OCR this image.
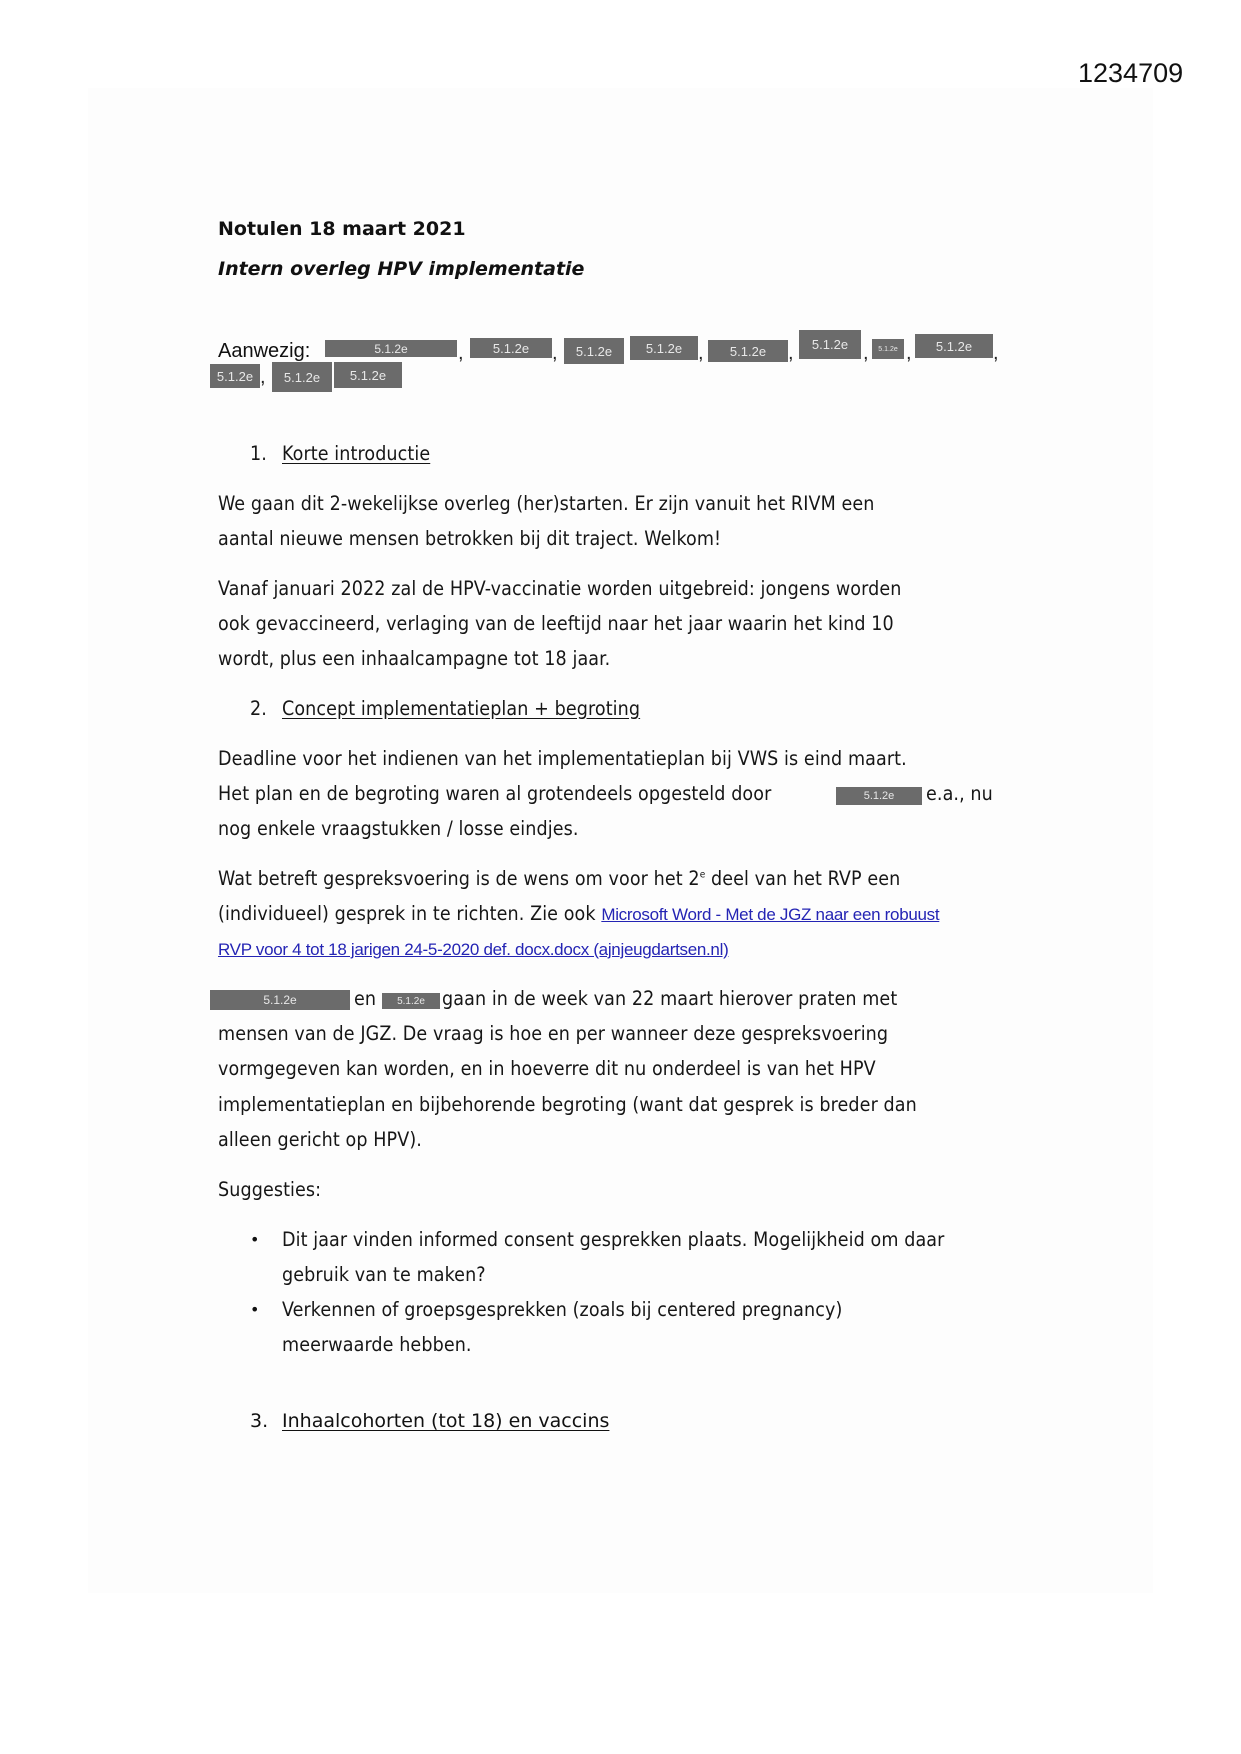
1234709
Notulen 18 maart 2021
Intern overleg HPV implementatie
Aanwezig:	5.1.2e	,	5.1.2e	,	5.1.2e	5.1.2e ,	5.1.2e	,	5.1.2e ,	5.1.2e ,	5.1.2e	,
5.1.2e ,	5.1.2e	5.1.2e
1. Korte introductie
We gaan dit 2-wekelijkse overleg (her)starten. Er zijn vanuit het RIVM een
aantal nieuwe mensen betrokken bij dit traject. Welkom!
Vanaf januari 2022 zal de HPV-vaccinatie worden uitgebreid: jongens worden
ook gevaccineerd, verlaging van de leeftijd naar het jaar waarin het kind 10
wordt, plus een inhaalcampagne tot 18 jaar.
2. Concept implementatieplan + begroting
Deadline voor het indienen van het implementatieplan bij VWS is eind maart.
Het plan en de begroting waren al grotendeels opgesteld door	5.1.2e	e.a., nu
nog enkele vraagstukken / losse eindjes.
Wat betreft gespreksvoering is de wens om voor het 2e deel van het RVP een
(individueel) gesprek in te richten. Zie ook Microsoft Word - Met de JGZ naar een robuust
RVP voor 4 tot 18 jarigen 24-5-2020 def. docx.docx (ajnjeugdartsen.nl)
5.1.2e	en	5.1.2e gaan in de week van 22 maart hierover praten met
mensen van de JGZ. De vraag is hoe en per wanneer deze gespreksvoering
vormgegeven kan worden, en in hoeverre dit nu onderdeel is van het HPV
implementatieplan en bijbehorende begroting (want dat gesprek is breder dan
alleen gericht op HPV).
Suggesties:
• Dit jaar vinden informed consent gesprekken plaats. Mogelijkheid om daar
gebruik van te maken?
• Verkennen of groepsgesprekken (zoals bij centered pregnancy)
meerwaarde hebben.
3. Inhaalcohorten (tot 18) en vaccins
